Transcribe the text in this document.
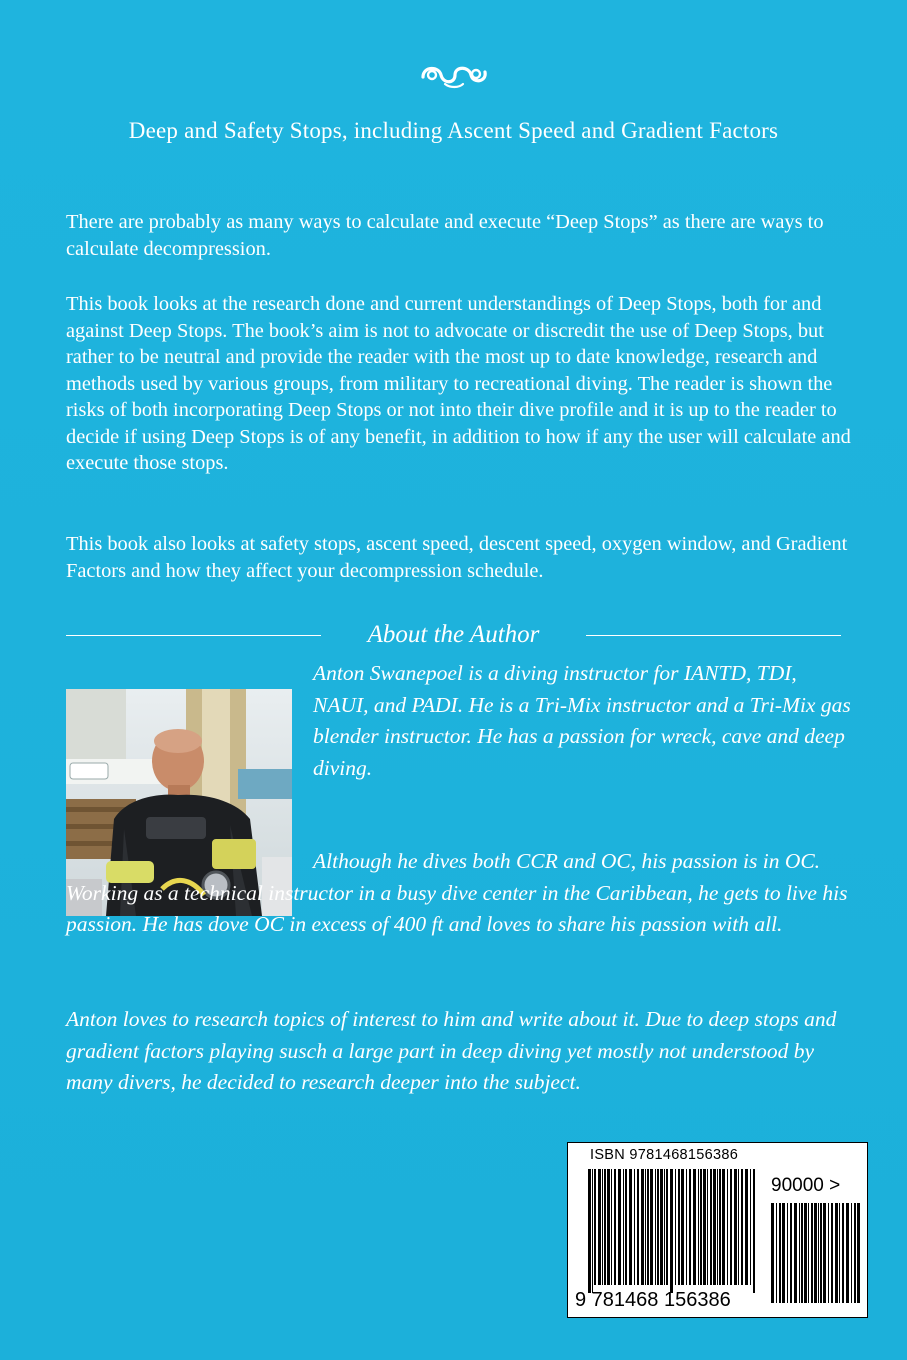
Deep and Safety Stops, including Ascent Speed and Gradient Factors

There are probably as many ways to calculate and execute “Deep Stops” as there are ways to calculate decompression.

This book looks at the research done and current understandings of Deep Stops, both for and against Deep Stops. The book’s aim is not to advocate or discredit the use of Deep Stops, but rather to be neutral and provide the reader with the most up to date knowledge, research and methods used by various groups, from military to recreational diving. The reader is shown the risks of both incorporating Deep Stops or not into their dive profile and it is up to the reader to decide if using Deep Stops is of any benefit, in addition to how if any the user will calculate and execute those stops.

This book also looks at safety stops, ascent speed, descent speed, oxygen window, and Gradient Factors and how they affect your decompression schedule.

About the Author

Anton Swanepoel is a diving instructor for IANTD, TDI, NAUI, and PADI. He is a Tri-Mix instructor and a Tri-Mix gas blender instructor. He has a passion for wreck, cave and deep diving.

Although he dives both CCR and OC, his passion is in OC. Working as a technical instructor in a busy dive center in the Caribbean, he gets to live his passion. He has dove OC in excess of 400 ft and loves to share his passion with all.

Anton loves to research topics of interest to him and write about it. Due to deep stops and gradient factors playing susch a large part in deep diving yet mostly not understood by many divers, he decided to research deeper into the subject.

ISBN 9781468156386
90000 >
9 781468 156386
